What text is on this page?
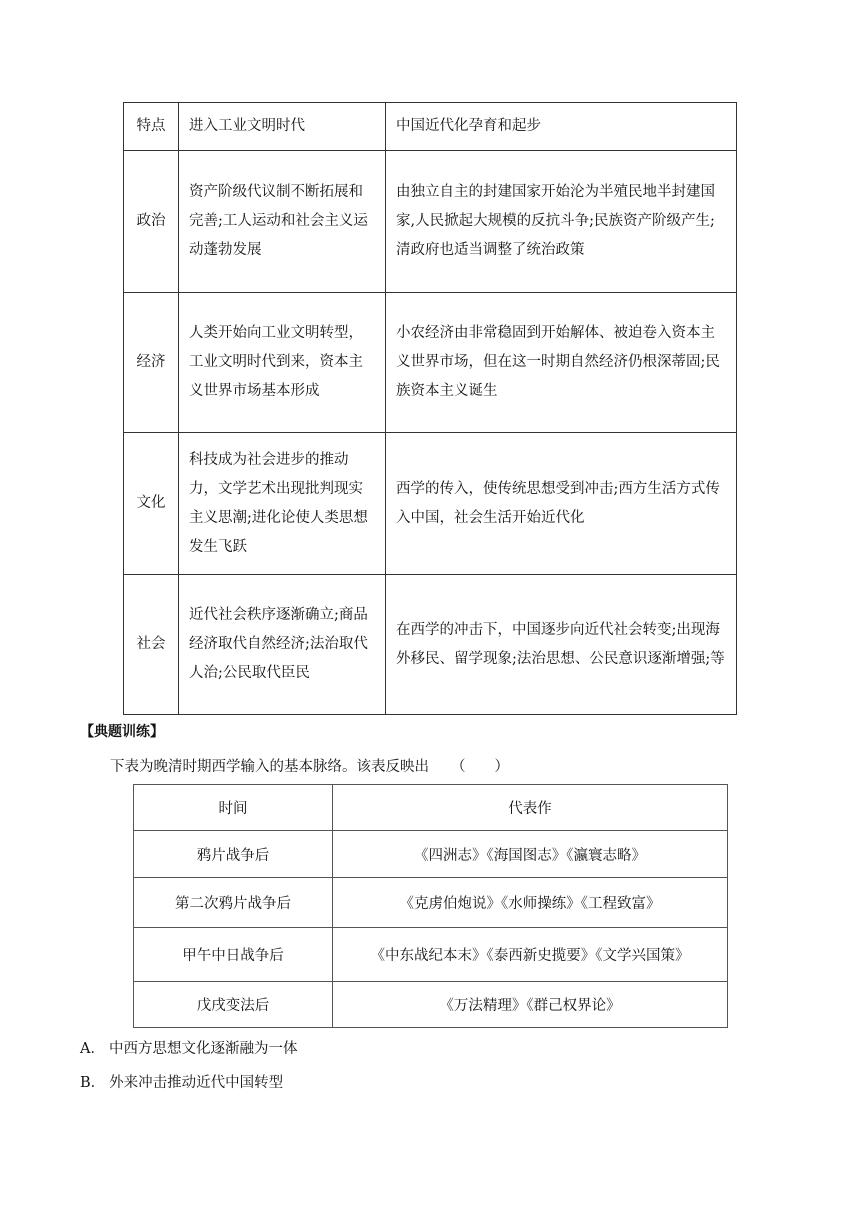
特点	进入工业文明时代	中国近代化孕育和起步
政治	资产阶级代议制不断拓展和完善;工人运动和社会主义运动蓬勃发展	由独立自主的封建国家开始沦为半殖民地半封建国家,人民掀起大规模的反抗斗争;民族资产阶级产生;清政府也适当调整了统治政策
经济	人类开始向工业文明转型，工业文明时代到来，资本主义世界市场基本形成	小农经济由非常稳固到开始解体、被迫卷入资本主义世界市场，但在这一时期自然经济仍根深蒂固;民族资本主义诞生
文化	科技成为社会进步的推动力，文学艺术出现批判现实主义思潮;进化论使人类思想发生飞跃	西学的传入，使传统思想受到冲击;西方生活方式传入中国，社会生活开始近代化
社会	近代社会秩序逐渐确立;商品经济取代自然经济;法治取代人治;公民取代臣民	在西学的冲击下，中国逐步向近代社会转变;出现海外移民、留学现象;法治思想、公民意识逐渐增强;等
【典题训练】
下表为晚清时期西学输入的基本脉络。该表反映出 （　　）
时间	代表作
鸦片战争后	《四洲志》《海国图志》《瀛寰志略》
第二次鸦片战争后	《克虏伯炮说》《水师操练》《工程致富》
甲午中日战争后	《中东战纪本末》《泰西新史揽要》《文学兴国策》
戊戌变法后	《万法精理》《群己权界论》
A． 中西方思想文化逐渐融为一体
B． 外来冲击推动近代中国转型
